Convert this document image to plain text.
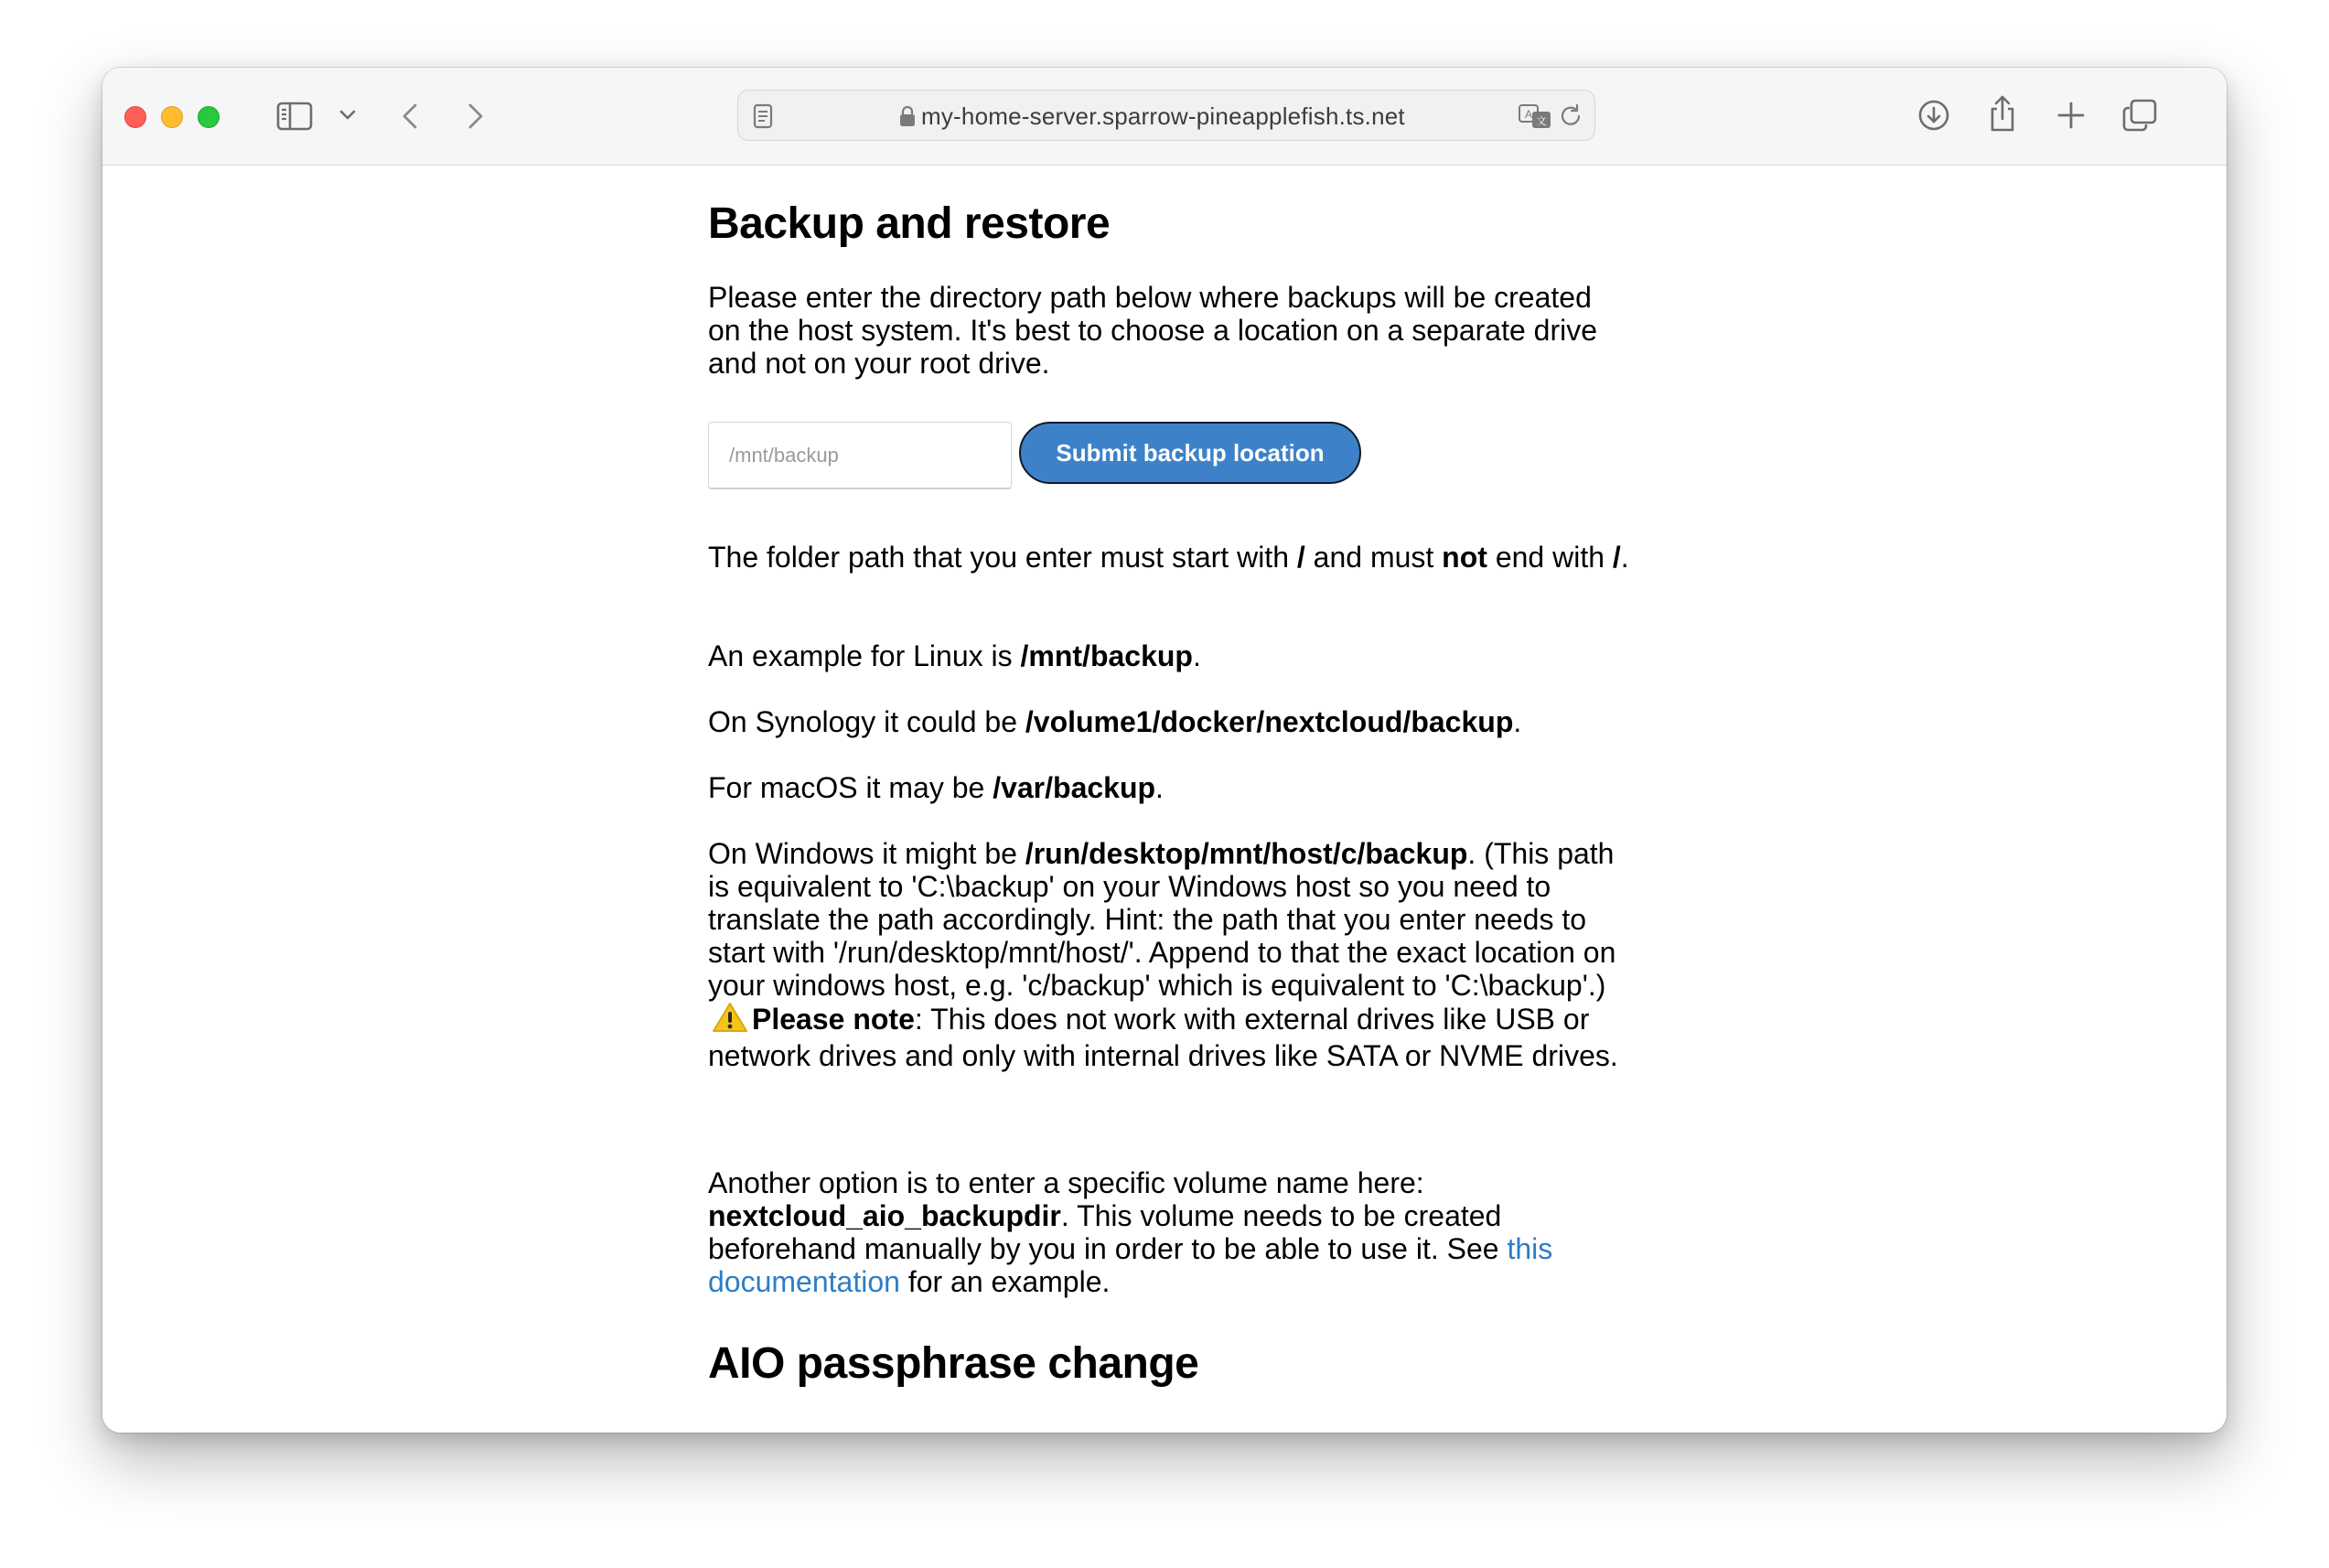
my-home-server.sparrow-pineapplefish.ts.net	A
文
Backup and restore

Please enter the directory path below where backups will be created on the host system. It's best to choose a location on a separate drive and not on your root drive.

/mnt/backup
Submit backup location

The folder path that you enter must start with / and must not end with /.

An example for Linux is /mnt/backup.

On Synology it could be /volume1/docker/nextcloud/backup.

For macOS it may be /var/backup.

On Windows it might be /run/desktop/mnt/host/c/backup. (This path is equivalent to 'C:\backup' on your Windows host so you need to translate the path accordingly. Hint: the path that you enter needs to start with '/run/desktop/mnt/host/'. Append to that the exact location on your windows host, e.g. 'c/backup' which is equivalent to 'C:\backup'.)Please note: This does not work with external drives like USB or network drives and only with internal drives like SATA or NVME drives.

Another option is to enter a specific volume name here: nextcloud_aio_backupdir. This volume needs to be created beforehand manually by you in order to be able to use it. See this documentation for an example.

AIO passphrase change
